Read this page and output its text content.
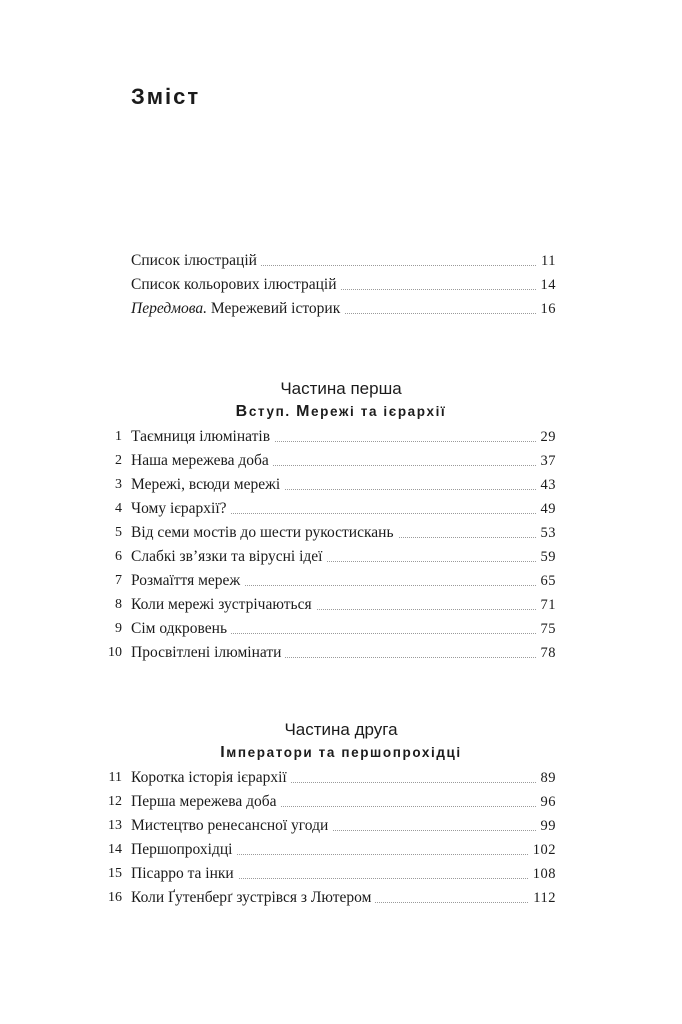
Зміст
Список ілюстрацій	11
Список кольорових ілюстрацій	14
Передмова. Мережевий історик	16
Частина перша
Вступ. Мережі та ієрархії
1 Таємниця ілюмінатів	29
2 Наша мережева доба	37
3 Мережі, всюди мережі	43
4 Чому ієрархії?	49
5 Від семи мостів до шести рукостискань	53
6 Слабкі зв’язки та вірусні ідеї	59
7 Розмаїття мереж	65
8 Коли мережі зустрічаються	71
9 Сім одкровень	75
10 Просвітлені ілюмінати	78
Частина друга
Імператори та першопрохідці
11 Коротка історія ієрархії	89
12 Перша мережева доба	96
13 Мистецтво ренесансної угоди	99
14 Першопрохідці	102
15 Пісарро та інки	108
16 Коли Ґутенберґ зустрівся з Лютером	112
